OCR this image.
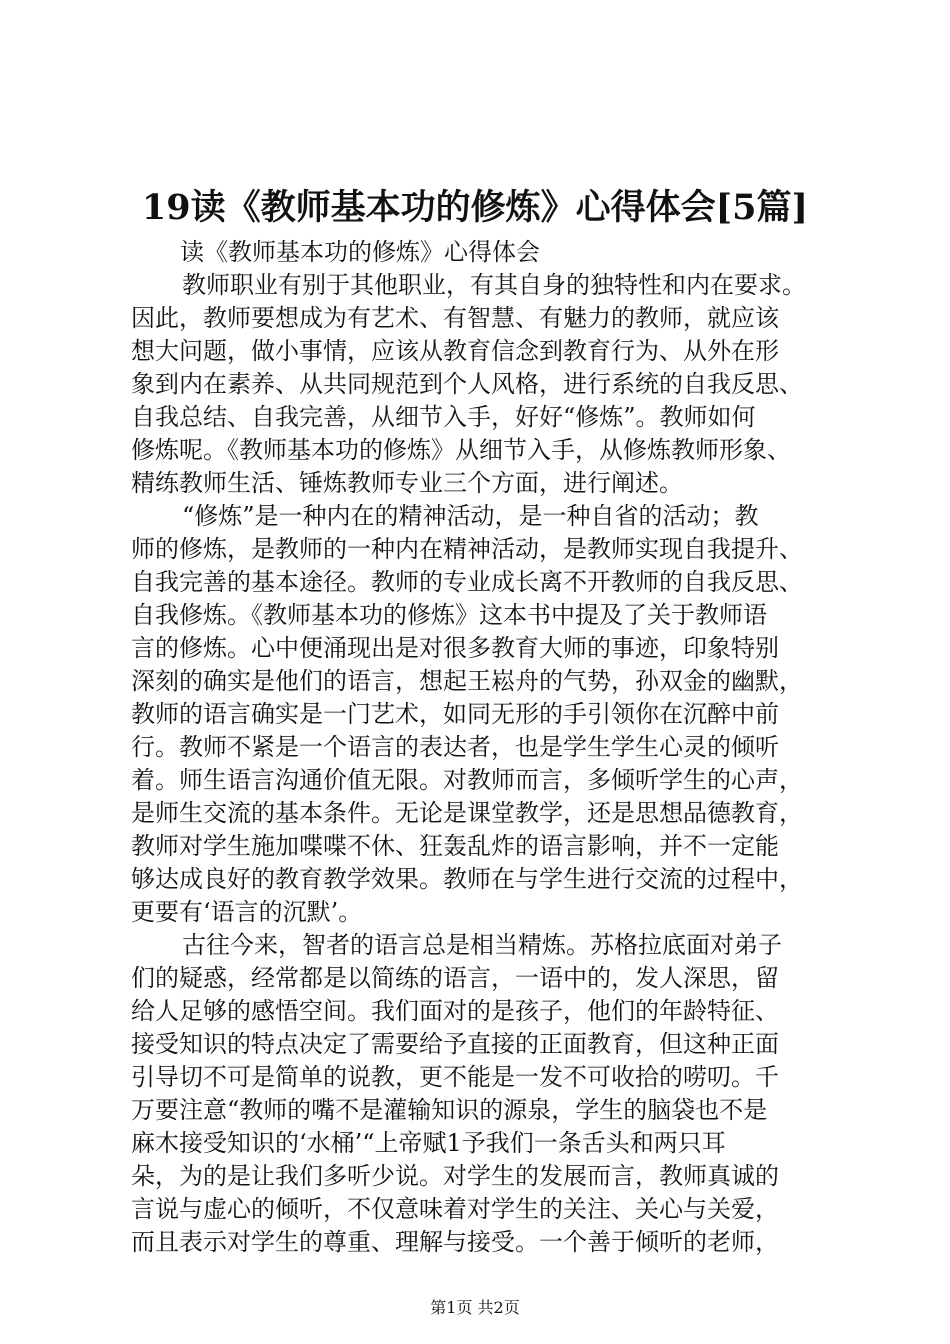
19读《教师基本功的修炼》心得体会[5篇]
读《教师基本功的修炼》心得体会
教师职业有别于其他职业，有其自身的独特性和内在要求。
因此，教师要想成为有艺术、有智慧、有魅力的教师，就应该
想大问题，做小事情，应该从教育信念到教育行为、从外在形
象到内在素养、从共同规范到个人风格，进行系统的自我反思、
自我总结、自我完善，从细节入手，好好“修炼”。教师如何
修炼呢。《教师基本功的修炼》从细节入手，从修炼教师形象、
精练教师生活、锤炼教师专业三个方面，进行阐述。
“修炼”是一种内在的精神活动，是一种自省的活动；教
师的修炼，是教师的一种内在精神活动，是教师实现自我提升、
自我完善的基本途径。教师的专业成长离不开教师的自我反思、
自我修炼。《教师基本功的修炼》这本书中提及了关于教师语
言的修炼。心中便涌现出是对很多教育大师的事迹，印象特别
深刻的确实是他们的语言，想起王崧舟的气势，孙双金的幽默，
教师的语言确实是一门艺术，如同无形的手引领你在沉醉中前
行。教师不紧是一个语言的表达者，也是学生学生心灵的倾听
着。师生语言沟通价值无限。对教师而言，多倾听学生的心声，
是师生交流的基本条件。无论是课堂教学，还是思想品德教育，
教师对学生施加喋喋不休、狂轰乱炸的语言影响，并不一定能
够达成良好的教育教学效果。教师在与学生进行交流的过程中，
更要有‘语言的沉默’。
古往今来，智者的语言总是相当精炼。苏格拉底面对弟子
们的疑惑，经常都是以简练的语言，一语中的，发人深思，留
给人足够的感悟空间。我们面对的是孩子，他们的年龄特征、
接受知识的特点决定了需要给予直接的正面教育，但这种正面
引导切不可是简单的说教，更不能是一发不可收拾的唠叨。千
万要注意“教师的嘴不是灌输知识的源泉，学生的脑袋也不是
麻木接受知识的‘水桶’“上帝赋1予我们一条舌头和两只耳
朵，为的是让我们多听少说。对学生的发展而言，教师真诚的
言说与虚心的倾听，不仅意味着对学生的关注、关心与关爱，
而且表示对学生的尊重、理解与接受。一个善于倾听的老师，
第1页 共2页
